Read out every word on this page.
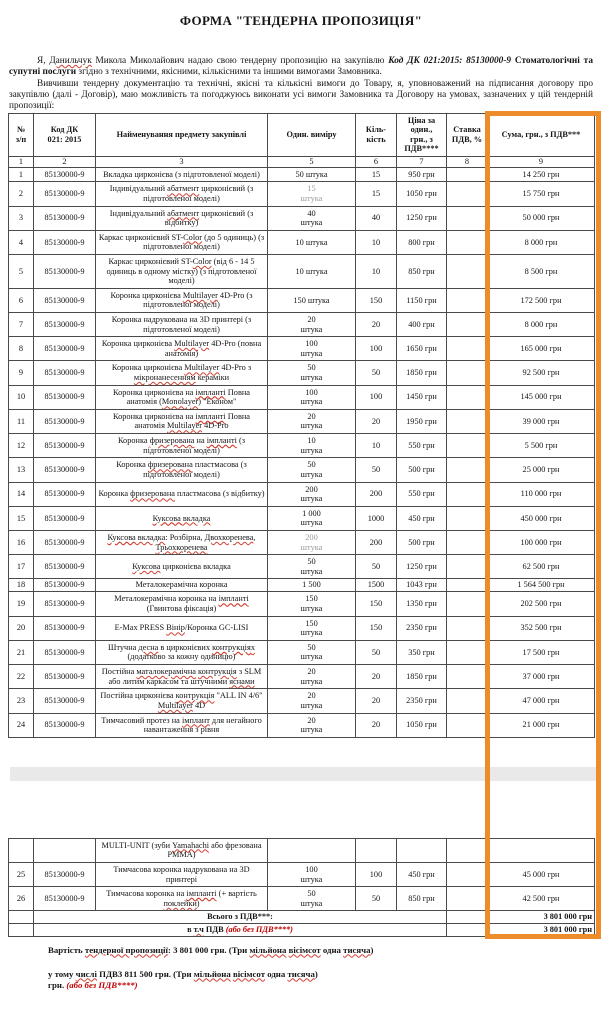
ФОРМА "ТЕНДЕРНА ПРОПОЗИЦІЯ"

Я, Данильчук Микола Миколайович надаю свою тендерну пропозицію на закупівлю Код ДК 021:2015: 85130000-9 Стоматологічні та супутні послуги згідно з технічними, якісними, кількісними та іншими вимогами Замовника.

Вивчивши тендерну документацію та технічні, якісні та кількісні вимоги до Товару, я, уповноважений на підписання договору про закупівлю (далі - Договір), маю можливість та погоджуюсь виконати усі вимоги Замовника та Договору на умовах, зазначених у цій тендерній пропозиції:

№
з/п	Код ДК
021: 2015	Найменування предмету закупівлі	Один. виміру	Кіль-
кість	Ціна за
один.,
грн., з
ПДВ****	Ставка
ПДВ, %	Сума, грн., з ПДВ***
1	2	3	5	6	7	8	9
1	85130000-9	Вкладка цирконієва (з підготовленої моделі)	50 штука	15	950 грн		14 250 грн
2	85130000-9	Індивідуальний абатмент цирконієвий (з підготовленої моделі)	15
штука	15	1050 грн		15 750 грн
3	85130000-9	Індивідуальний абатмент цирконієвий (з відбитку)	40
штука	40	1250 грн		50 000 грн
4	85130000-9	Каркас цирконієвий ST-Color (до 5 одиниць) (з підготовленої моделі)	10 штука	10	800 грн		8 000 грн
5	85130000-9	Каркас цирконієвий ST-Color (від 6 - 14 5 одиниць в одному містку) (з підготовленої моделі)	10 штука	10	850 грн		8 500 грн
6	85130000-9	Коронка цирконієва Multilayer 4D-Pro (з підготовленої моделі)	150 штука	150	1150 грн		172 500 грн
7	85130000-9	Коронка надрукована на 3D принтері (з підготовленої моделі)	20
штука	20	400 грн		8 000 грн
8	85130000-9	Коронка цирконієва Multilayer 4D-Pro (повна анатомія)	100
штука	100	1650 грн		165 000 грн
9	85130000-9	Коронка цирконієва Multilayer 4D-Pro з мікронанесенням кераміки	50
штука	50	1850 грн		92 500 грн
10	85130000-9	Коронка цирконієва на імпланті Повна анатомія (Monolayer) "Економ"	100
штука	100	1450 грн		145 000 грн
11	85130000-9	Коронка цирконієва на імпланті Повна анатомія Multilayer 4D-Pro	20
штука	20	1950 грн		39 000 грн
12	85130000-9	Коронка фризерована на імпланті (з підготовленої моделі)	10
штука	10	550 грн		5 500 грн
13	85130000-9	Коронка фризерована пластмасова (з підготовленої моделі)	50
штука	50	500 грн		25 000 грн
14	85130000-9	Коронка фризерована пластмасова (з відбитку)	200
штука	200	550 грн		110 000 грн
15	85130000-9	Куксова вкладка	1 000
штука	1000	450 грн		450 000 грн
16	85130000-9	Куксова вкладка: Розбірна, Двохкоренева, Трьохкоренева	200
штука	200	500 грн		100 000 грн
17	85130000-9	Куксова цирконієва вкладка	50
штука	50	1250 грн		62 500 грн
18	85130000-9	Металокерамічна коронка	1 500	1500	1043 грн		1 564 500 грн
19	85130000-9	Металокерамічна коронка на імпланті (Гвинтова фіксація)	150
штука	150	1350 грн		202 500 грн
20	85130000-9	E-Max PRESS Вінір/Коронка GC-LISI	150
штука	150	2350 грн		352 500 грн
21	85130000-9	Штучна десна в цирконієвих контрукціях (додатково за кожну одиницю)	50
штука	50	350 грн		17 500 грн
22	85130000-9	Постійна маталокерамічна контрукція з SLM або литим каркасом та штучними яснами	20
штука	20	1850 грн		37 000 грн
23	85130000-9	Постійна цирконієва контрукція "ALL IN 4/6" Multilayer 4D	20
штука	20	2350 грн		47 000 грн
24	85130000-9	Тимчасовий протез на імплант для негайного навантаження з рівня	20
штука	20	1050 грн		21 000 грн
		MULTI-UNIT (зуби Yamahachi або фрезована PMMA)					
25	85130000-9	Тимчасова коронка надрукована на 3D принтері	100
штука	100	450 грн		45 000 грн
26	85130000-9	Тимчасова коронка на імпланті (+ вартість поклейки)	50
штука	50	850 грн		42 500 грн
	Всього з ПДВ***:						3 801 000 грн
	в т.ч ПДВ (або без ПДВ****)						3 801 000 грн
Вартість тендерної пропозиції: 3 801 000 грн. (Три мільйона вісімсот одна тисяча)
у тому числі ПДВ3 811 500 грн. (Три мільйона вісімсот одна тисяча)
грн. (або без ПДВ****)
